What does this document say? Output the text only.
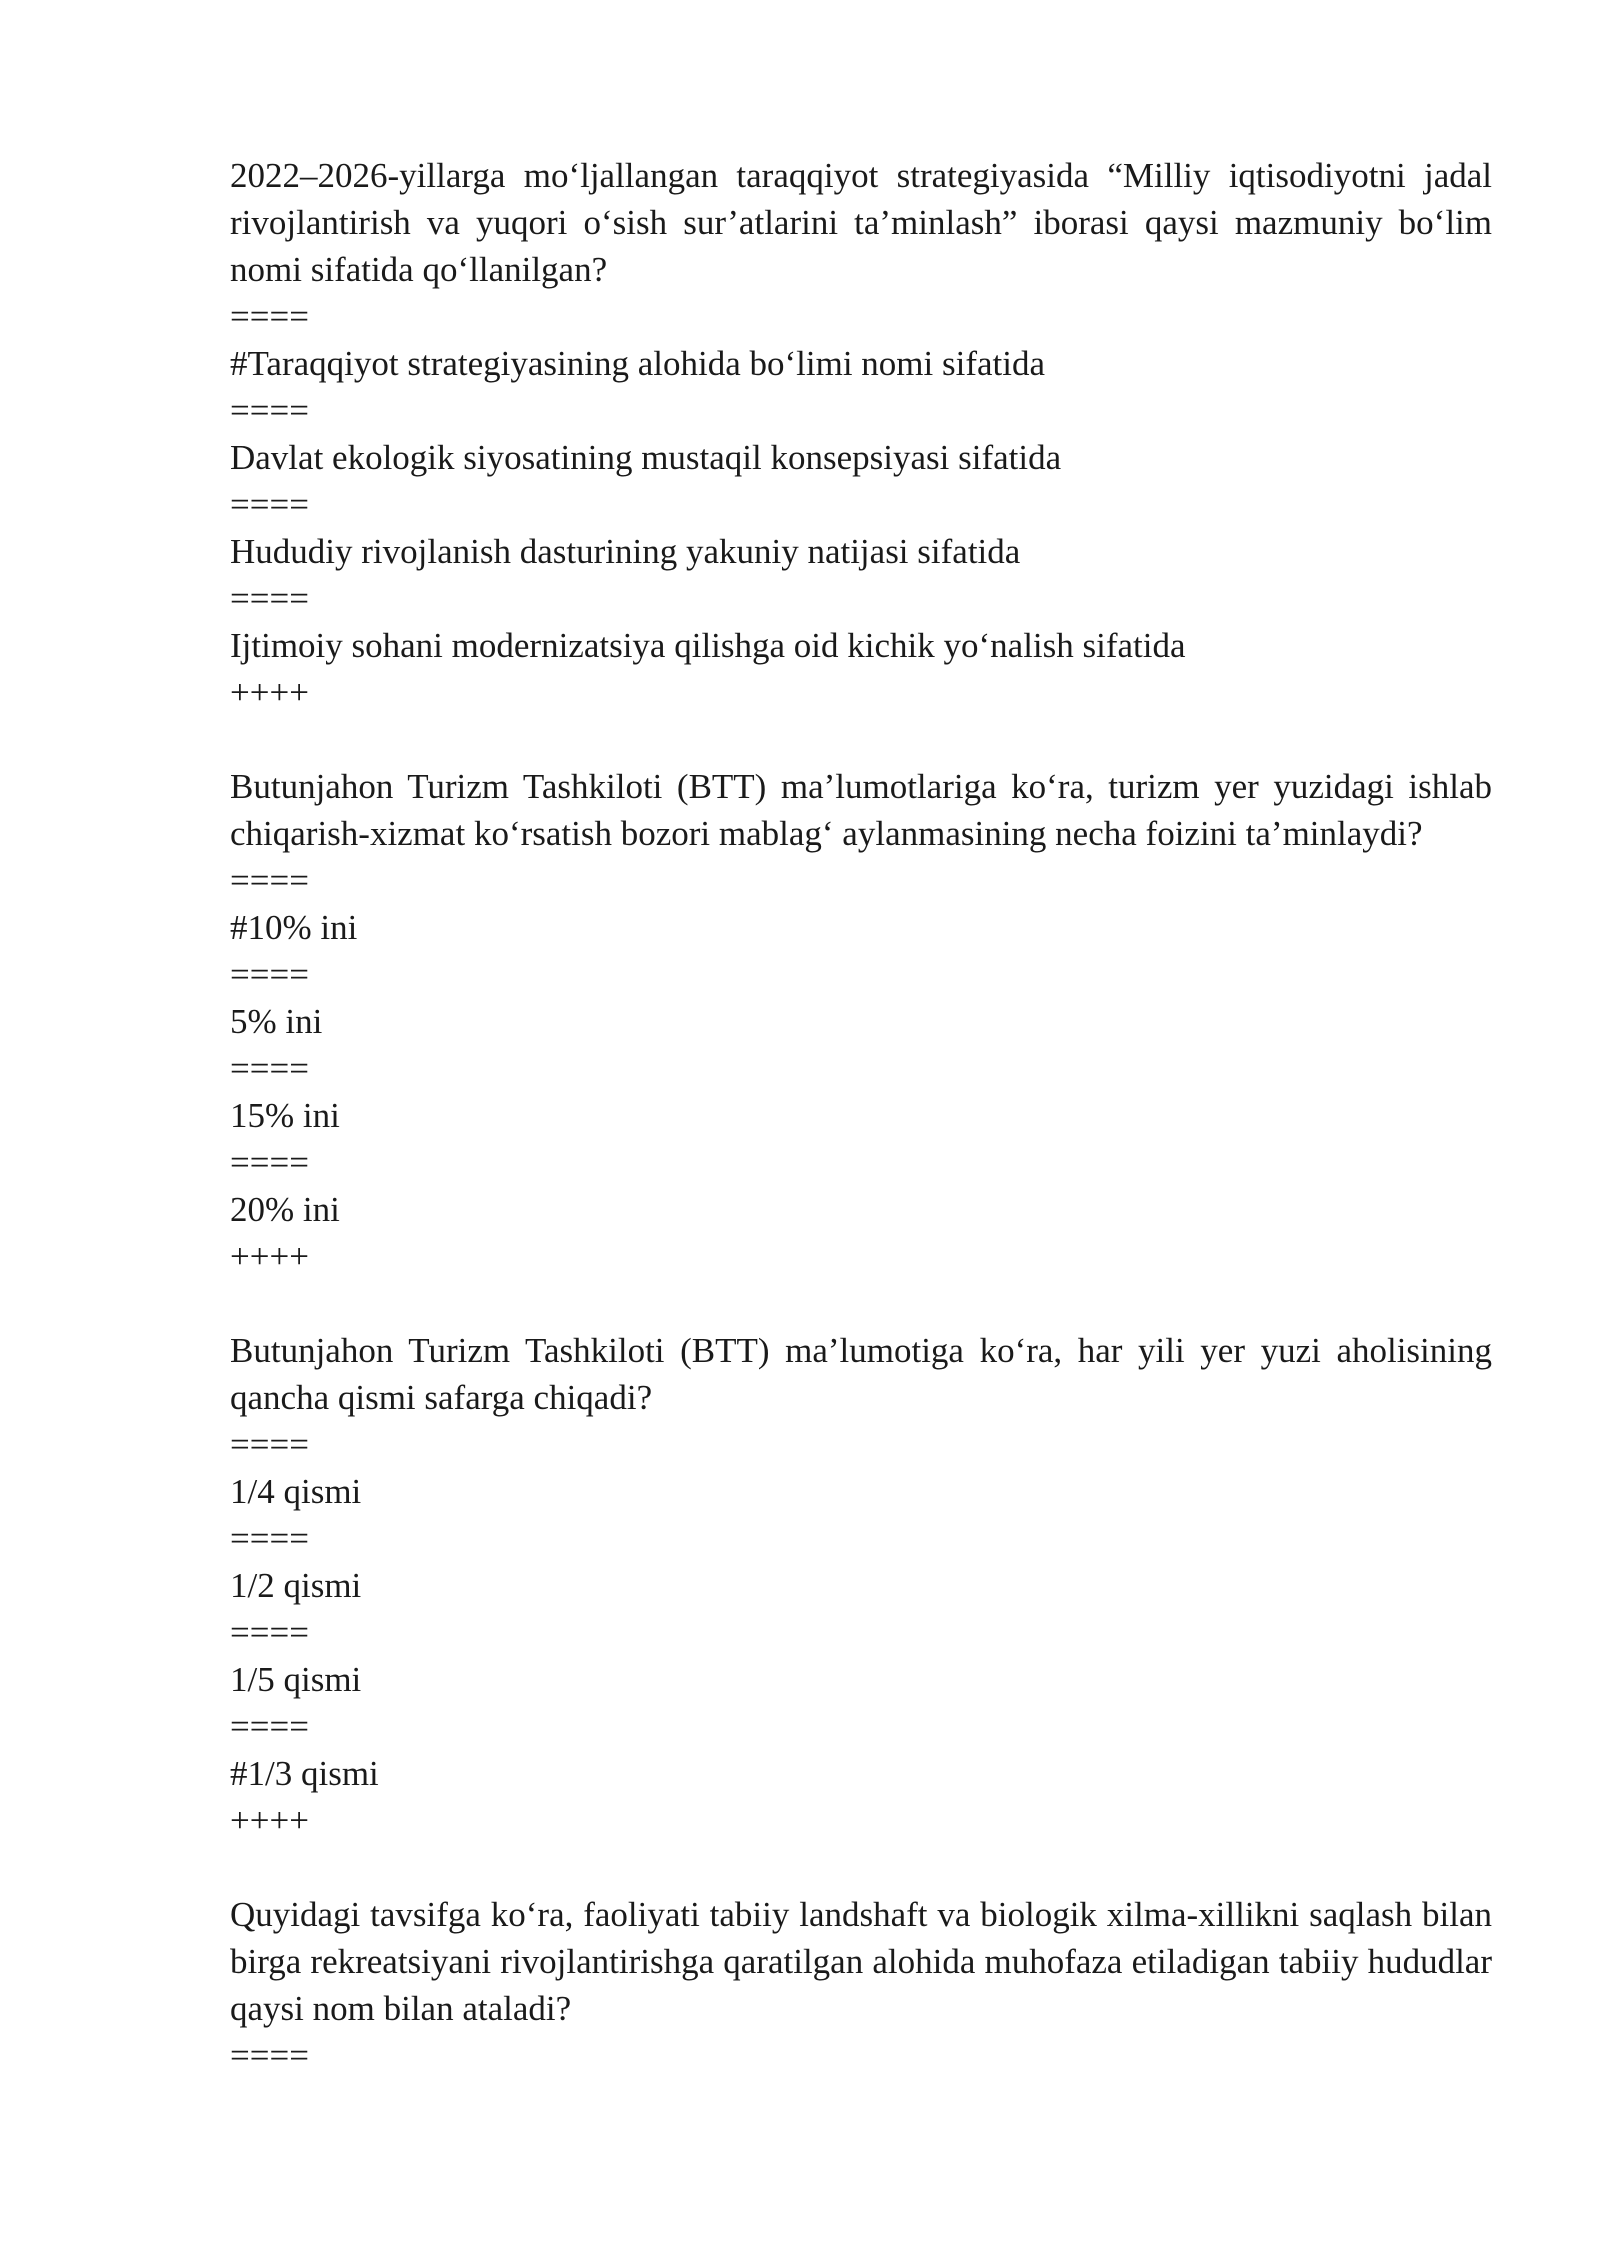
2022–2026-yillarga mo‘ljallangan taraqqiyot strategiyasida “Milliy iqtisodiyotni jadal rivojlantirish va yuqori o‘sish sur’atlarini ta’minlash” iborasi qaysi mazmuniy bo‘lim nomi sifatida qo‘llanilgan?
====
#Taraqqiyot strategiyasining alohida bo‘limi nomi sifatida
====
Davlat ekologik siyosatining mustaqil konsepsiyasi sifatida
====
Hududiy rivojlanish dasturining yakuniy natijasi sifatida
====
Ijtimoiy sohani modernizatsiya qilishga oid kichik yo‘nalish sifatida
++++
Butunjahon Turizm Tashkiloti (BTT) ma’lumotlariga ko‘ra, turizm yer yuzidagi ishlab chiqarish-xizmat ko‘rsatish bozori mablag‘ aylanmasining necha foizini ta’minlaydi?
====
#10% ini
====
5% ini
====
15% ini
====
20% ini
++++
Butunjahon Turizm Tashkiloti (BTT) ma’lumotiga ko‘ra, har yili yer yuzi aholisining qancha qismi safarga chiqadi?
====
1/4 qismi
====
1/2 qismi
====
1/5 qismi
====
#1/3 qismi
++++
Quyidagi tavsifga ko‘ra, faoliyati tabiiy landshaft va biologik xilma-xillikni saqlash bilan birga rekreatsiyani rivojlantirishga qaratilgan alohida muhofaza etiladigan tabiiy hududlar qaysi nom bilan ataladi?
====
